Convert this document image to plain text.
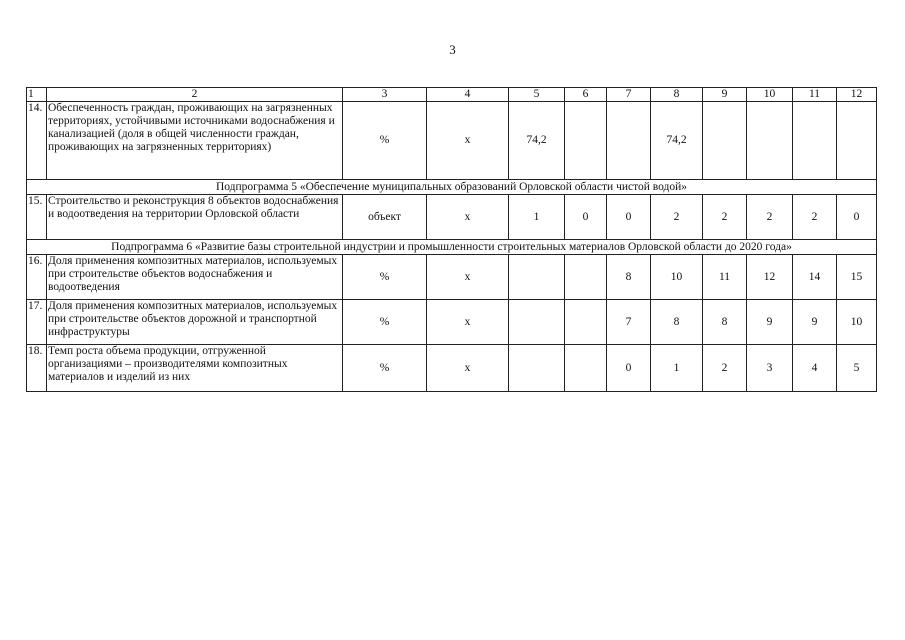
3
1	2	3	4	5	6	7	8	9	10	11	12
14.	Обеспеченность граждан, проживающих на загрязненных территориях, устойчивыми источниками водоснабжения и канализацией (доля в общей численности граждан, проживающих на загрязненных территориях)	%	х	74,2			74,2				
Подпрограмма 5 «Обеспечение муниципальных образований Орловской области чистой водой»											
15.	Строительство и реконструкция 8 объектов водоснабжения и водоотведения на территории Орловской области	объект	х	1	0	0	2	2	2	2	0
Подпрограмма 6 «Развитие базы строительной индустрии и промышленности строительных материалов Орловской области до 2020 года»											
16.	Доля применения композитных материалов, используемых при строительстве объектов водоснабжения и водоотведения	%	х			8	10	11	12	14	15
17.	Доля применения композитных материалов, используемых при строительстве объектов дорожной и транспортной инфраструктуры	%	х			7	8	8	9	9	10
18.	Темп роста объема продукции, отгруженной организациями – производителями композитных материалов и изделий из них	%	х			0	1	2	3	4	5
